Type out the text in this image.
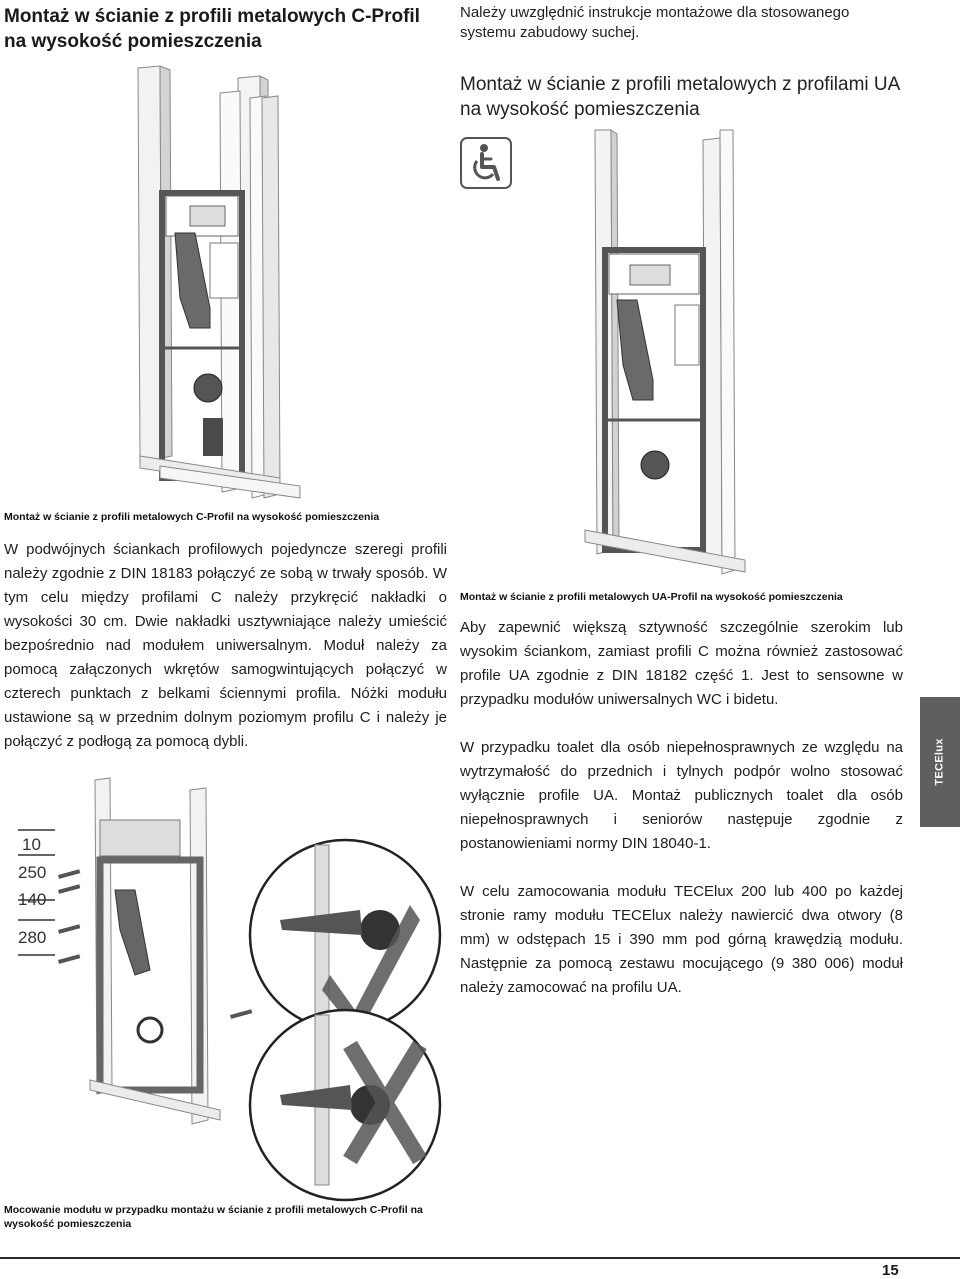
Montaż w ścianie z profili metalowych C-Profil na wysokość pomieszczenia
Należy uwzględnić instrukcje montażowe dla stosowanego systemu zabudowy suchej.
Montaż w ścianie z profili metalowych z profilami UA na wysokość pomieszczenia
Montaż w ścianie z profili metalowych C-Profil na wysokość pomieszczenia
W podwójnych ściankach profilowych pojedyncze szeregi profili należy zgodnie z DIN 18183 połączyć ze sobą w trwały sposób. W tym celu między profilami C należy przykręcić nakładki o wysokości 30 cm. Dwie nakładki usztywniające należy umieścić bezpośrednio nad modułem uniwersalnym. Moduł należy za pomocą załączonych wkrętów samogwintujących połączyć w czterech punktach z belkami ściennymi profila. Nóżki modułu ustawione są w przednim dolnym poziomym profilu C i należy je połączyć z podłogą za pomocą dybli.
Montaż w ścianie z profili metalowych UA-Profil na wysokość pomieszczenia
Aby zapewnić większą sztywność szczególnie szerokim lub wysokim ściankom, zamiast profili C można również zastosować profile UA zgodnie z DIN 18182 część 1. Jest to sensowne w przypadku modułów uniwersalnych WC i bidetu.
W przypadku toalet dla osób niepełnosprawnych ze względu na wytrzymałość do przednich i tylnych podpór wolno stosować wyłącznie profile UA. Montaż publicznych toalet dla osób niepełnosprawnych i seniorów następuje zgodnie z postanowieniami normy DIN 18040-1.
W celu zamocowania modułu TECElux 200 lub 400 po każdej stronie ramy modułu TECElux należy nawiercić dwa otwory (8 mm) w odstępach 15 i 390 mm pod górną krawędzią modułu. Następnie za pomocą zestawu mocującego (9 380 006) moduł należy zamocować na profilu UA.
TECElux
10
250
140
280
Mocowanie modułu w przypadku montażu w ścianie z profili metalowych C-Profil na wysokość pomieszczenia
15
